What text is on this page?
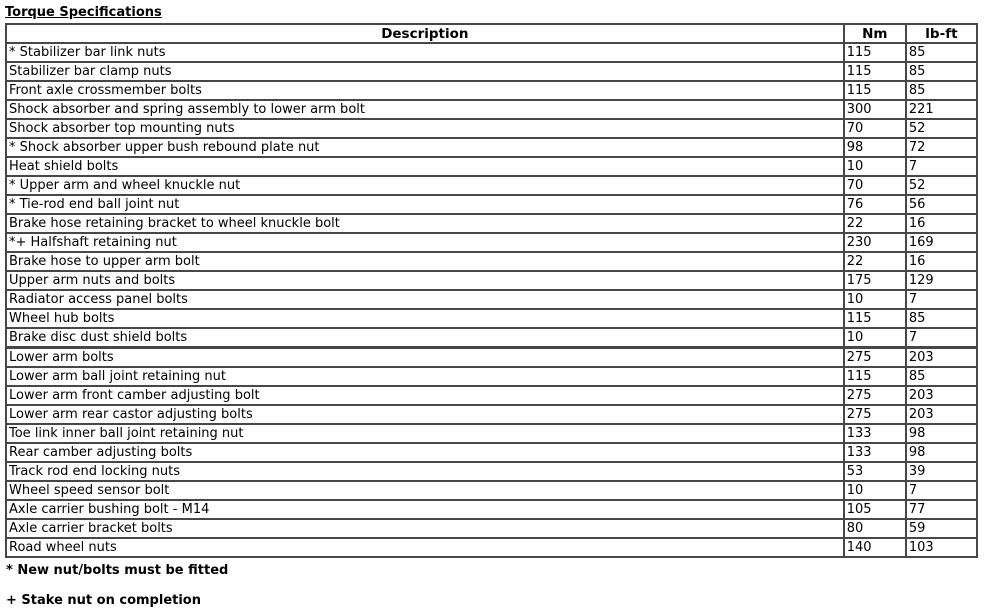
Torque Specifications
Description	Nm	lb-ft
* Stabilizer bar link nuts	115	85
Stabilizer bar clamp nuts	115	85
Front axle crossmember bolts	115	85
Shock absorber and spring assembly to lower arm bolt	300	221
Shock absorber top mounting nuts	70	52
* Shock absorber upper bush rebound plate nut	98	72
Heat shield bolts	10	7
* Upper arm and wheel knuckle nut	70	52
* Tie-rod end ball joint nut	76	56
Brake hose retaining bracket to wheel knuckle bolt	22	16
*+ Halfshaft retaining nut	230	169
Brake hose to upper arm bolt	22	16
Upper arm nuts and bolts	175	129
Radiator access panel bolts	10	7
Wheel hub bolts	115	85
Brake disc dust shield bolts	10	7
Lower arm bolts	275	203
Lower arm ball joint retaining nut	115	85
Lower arm front camber adjusting bolt	275	203
Lower arm rear castor adjusting bolts	275	203
Toe link inner ball joint retaining nut	133	98
Rear camber adjusting bolts	133	98
Track rod end locking nuts	53	39
Wheel speed sensor bolt	10	7
Axle carrier bushing bolt - M14	105	77
Axle carrier bracket bolts	80	59
Road wheel nuts	140	103
* New nut/bolts must be fitted
+ Stake nut on completion
